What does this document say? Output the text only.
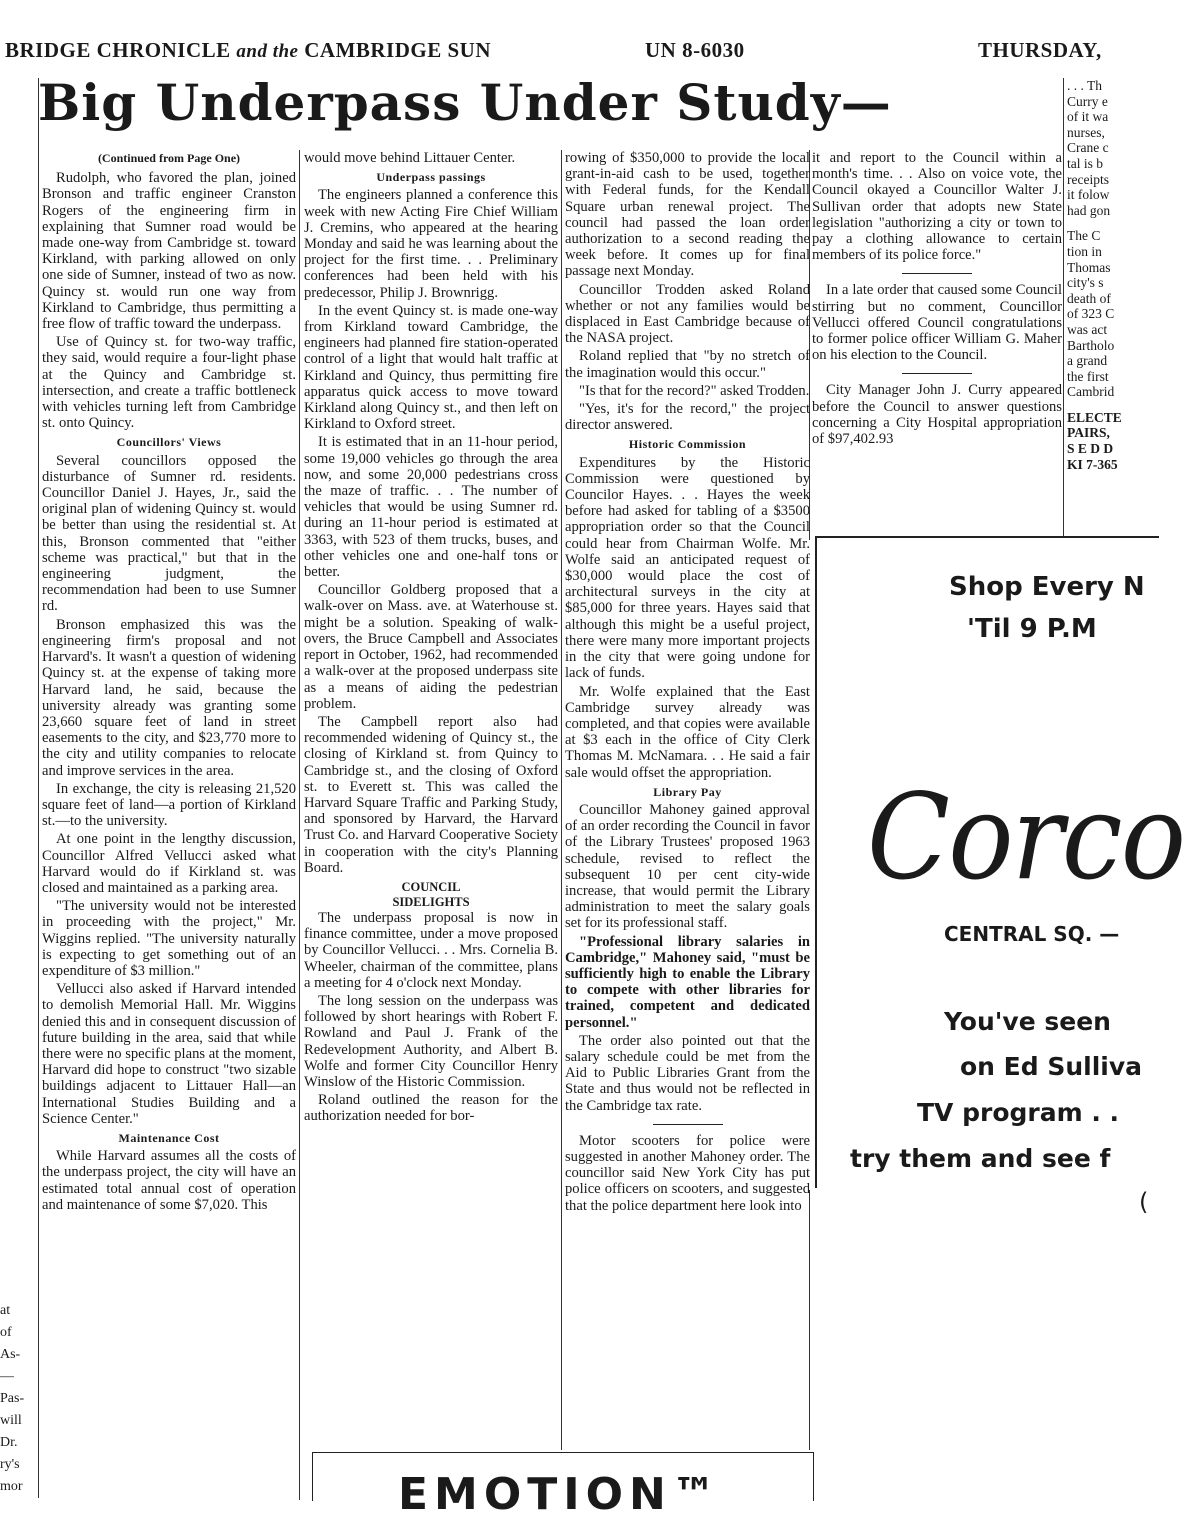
BRIDGE CHRONICLE and the CAMBRIDGE SUN	UN 8-6030	THURSDAY,
Big Underpass Under Study—

(Continued from Page One)

Rudolph, who favored the plan, joined Bronson and traffic engineer Cranston Rogers of the engineering firm in explaining that Sumner road would be made one-way from Cambridge st. toward Kirkland, with parking allowed on only one side of Sumner, instead of two as now. Quincy st. would run one way from Kirkland to Cambridge, thus permitting a free flow of traffic toward the underpass.

Use of Quincy st. for two-way traffic, they said, would require a four-light phase at the Quincy and Cambridge st. intersection, and create a traffic bottleneck with vehicles turning left from Cambridge st. onto Quincy.

Councillors' Views

Several councillors opposed the disturbance of Sumner rd. residents. Councillor Daniel J. Hayes, Jr., said the original plan of widening Quincy st. would be better than using the residential st. At this, Bronson commented that "either scheme was practical," but that in the engineering judgment, the recommendation had been to use Sumner rd.

Bronson emphasized this was the engineering firm's proposal and not Harvard's. It wasn't a question of widening Quincy st. at the expense of taking more Harvard land, he said, because the university already was granting some 23,660 square feet of land in street easements to the city, and $23,770 more to the city and utility companies to relocate and improve services in the area.

In exchange, the city is releasing 21,520 square feet of land—a portion of Kirkland st.—to the university.

At one point in the lengthy discussion, Councillor Alfred Vellucci asked what Harvard would do if Kirkland st. was closed and maintained as a parking area.

"The university would not be interested in proceeding with the project," Mr. Wiggins replied. "The university naturally is expecting to get something out of an expenditure of $3 million."

Vellucci also asked if Harvard intended to demolish Memorial Hall. Mr. Wiggins denied this and in consequent discussion of future building in the area, said that while there were no specific plans at the moment, Harvard did hope to construct "two sizable buildings adjacent to Littauer Hall—an International Studies Building and a Science Center."

Maintenance Cost

While Harvard assumes all the costs of the underpass project, the city will have an estimated total annual cost of operation and maintenance of some $7,020. This

would move behind Littauer Center.

Underpass passings

The engineers planned a conference this week with new Acting Fire Chief William J. Cremins, who appeared at the hearing Monday and said he was learning about the project for the first time. . . Preliminary conferences had been held with his predecessor, Philip J. Brownrigg.

In the event Quincy st. is made one-way from Kirkland toward Cambridge, the engineers had planned fire station-operated control of a light that would halt traffic at Kirkland and Quincy, thus permitting fire apparatus quick access to move toward Kirkland along Quincy st., and then left on Kirkland to Oxford street.

It is estimated that in an 11-hour period, some 19,000 vehicles go through the area now, and some 20,000 pedestrians cross the maze of traffic. . . The number of vehicles that would be using Sumner rd. during an 11-hour period is estimated at 3363, with 523 of them trucks, buses, and other vehicles one and one-half tons or better.

Councillor Goldberg proposed that a walk-over on Mass. ave. at Waterhouse st. might be a solution. Speaking of walk-overs, the Bruce Campbell and Associates report in October, 1962, had recommended a walk-over at the proposed underpass site as a means of aiding the pedestrian problem.

The Campbell report also had recommended widening of Quincy st., the closing of Kirkland st. from Quincy to Cambridge st., and the closing of Oxford st. to Everett st. This was called the Harvard Square Traffic and Parking Study, and sponsored by Harvard, the Harvard Trust Co. and Harvard Cooperative Society in cooperation with the city's Planning Board.

COUNCIL

SIDELIGHTS

The underpass proposal is now in finance committee, under a move proposed by Councillor Vellucci. . . Mrs. Cornelia B. Wheeler, chairman of the committee, plans a meeting for 4 o'clock next Monday.

The long session on the underpass was followed by short hearings with Robert F. Rowland and Paul J. Frank of the Redevelopment Authority, and Albert B. Wolfe and former City Councillor Henry Winslow of the Historic Commission.

Roland outlined the reason for the authorization needed for bor-

rowing of $350,000 to provide the local grant-in-aid cash to be used, together with Federal funds, for the Kendall Square urban renewal project. The council had passed the loan order authorization to a second reading the week before. It comes up for final passage next Monday.

Councillor Trodden asked Roland whether or not any families would be displaced in East Cambridge because of the NASA project.

Roland replied that "by no stretch of the imagination would this occur."

"Is that for the record?" asked Trodden.

"Yes, it's for the record," the project director answered.

Historic Commission

Expenditures by the Historic Commission were questioned by Councilor Hayes. . . Hayes the week before had asked for tabling of a $3500 appropriation order so that the Council could hear from Chairman Wolfe. Mr. Wolfe said an anticipated request of $30,000 would place the cost of architectural surveys in the city at $85,000 for three years. Hayes said that although this might be a useful project, there were many more important projects in the city that were going undone for lack of funds.

Mr. Wolfe explained that the East Cambridge survey already was completed, and that copies were available at $3 each in the office of City Clerk Thomas M. McNamara. . . He said a fair sale would offset the appropriation.

Library Pay

Councillor Mahoney gained approval of an order recording the Council in favor of the Library Trustees' proposed 1963 schedule, revised to reflect the subsequent 10 per cent city-wide increase, that would permit the Library administration to meet the salary goals set for its professional staff.

"Professional library salaries in Cambridge," Mahoney said, "must be sufficiently high to enable the Library to compete with other libraries for trained, competent and dedicated personnel."

The order also pointed out that the salary schedule could be met from the Aid to Public Libraries Grant from the State and thus would not be reflected in the Cambridge tax rate.

Motor scooters for police were suggested in another Mahoney order. The councillor said New York City has put police officers on scooters, and suggested that the police department here look into

it and report to the Council within a month's time. . . Also on voice vote, the Council okayed a Councillor Walter J. Sullivan order that adopts new State legislation "authorizing a city or town to pay a clothing allowance to certain members of its police force."

In a late order that caused some Council stirring but no comment, Councillor Vellucci offered Council congratulations to former police officer William G. Maher on his election to the Council.

City Manager John J. Curry appeared before the Council to answer questions concerning a City Hospital appropriation of $97,402.93

. . . Th
Curry e
of it wa
nurses,
Crane c
tal is b
receipts
it folow
had gon
The C
tion in
Thomas
city's s
death of
of 323 C
was act
Bartholo
a grand
the first
Cambrid
ELECTE
PAIRS,
S E D D
KI 7-365
at
of
As-
—
Pas-
will
Dr.
ry's
mor
Shop Every N
'Til 9 P.M
Corco
CENTRAL SQ. —
You've seen
on Ed Sulliva
TV program . .
try them and see f
(
EMOTION™
